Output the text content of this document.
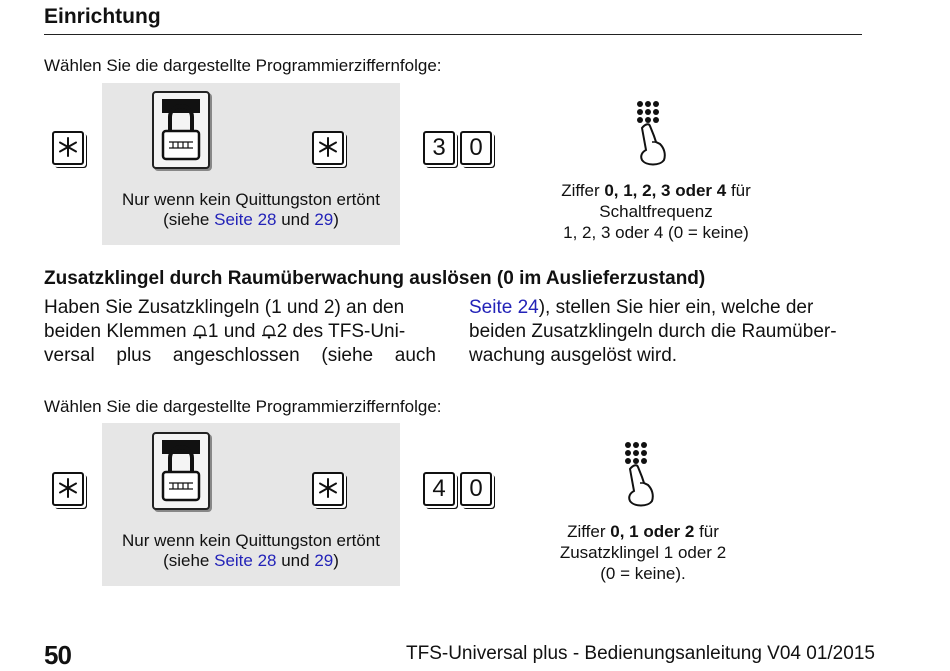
Einrichtung
Wählen Sie die dargestellte Programmierziffernfolge:
Nur wenn kein Quittungston ertönt
(siehe Seite 28 und 29)
3 0
Ziffer 0, 1, 2, 3 oder 4 für
Schaltfrequenz
1, 2, 3 oder 4 (0 = keine)
Zusatzklingel durch Raumüberwachung auslösen (0 im Auslieferzustand)
Haben Sie Zusatzklingeln (1 und 2) an den
beiden Klemmen 1 und 2 des TFS-Uni-
versal plus angeschlossen (siehe auch
Seite 24), stellen Sie hier ein, welche der
beiden Zusatzklingeln durch die Raumüber-
wachung ausgelöst wird.
Wählen Sie die dargestellte Programmierziffernfolge:
Nur wenn kein Quittungston ertönt
(siehe Seite 28 und 29)
4 0
Ziffer 0, 1 oder 2 für
Zusatzklingel 1 oder 2
(0 = keine).
50	TFS-Universal plus - Bedienungsanleitung V04 01/2015
